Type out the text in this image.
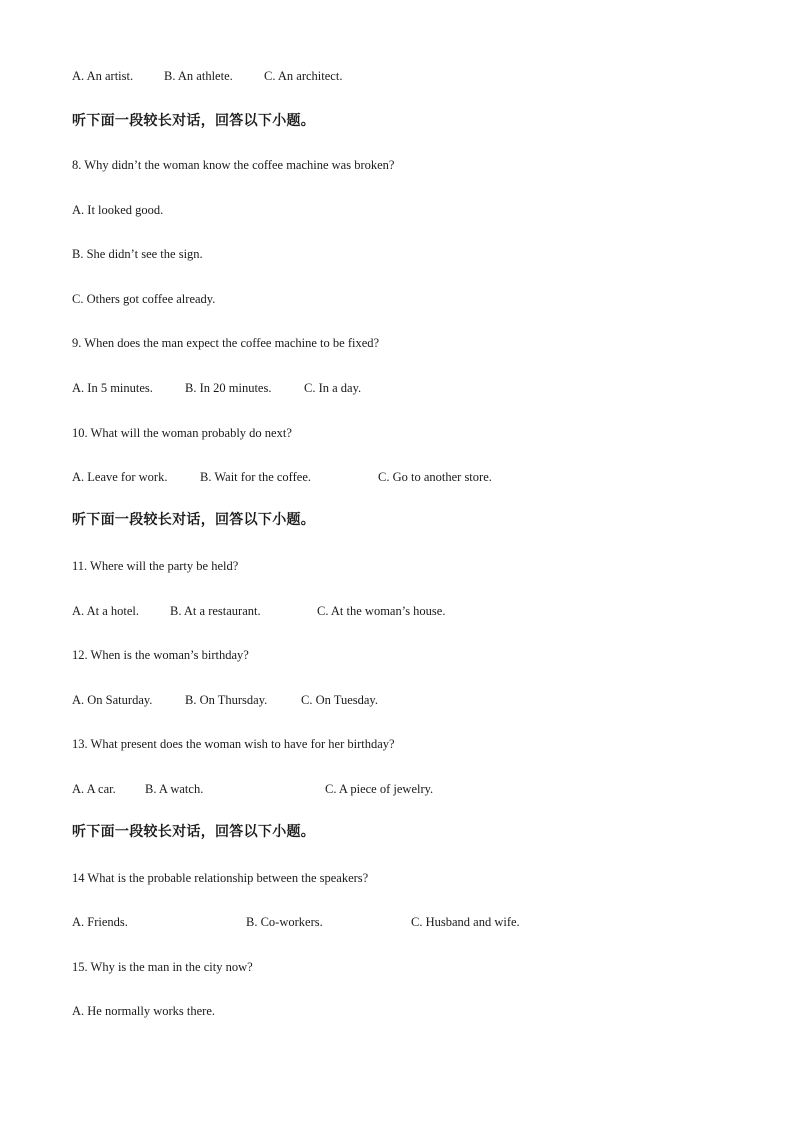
A. An artist. B. An athlete.	C. An architect.
听下面一段较长对话，回答以下小题。
8. Why didn’t the woman know the coffee machine was broken?
A. It looked good.
B. She didn’t see the sign.
C. Others got coffee already.
9. When does the man expect the coffee machine to be fixed?
A. In 5 minutes.	B. In 20 minutes.	C. In a day.
10. What will the woman probably do next?
A. Leave for work.	B. Wait for the coffee.	C. Go to another store.
听下面一段较长对话，回答以下小题。
11. Where will the party be held?
A. At a hotel. B. At a restaurant.	C. At the woman’s house.
12. When is the woman’s birthday?
A. On Saturday.	B. On Thursday.	C. On Tuesday.
13. What present does the woman wish to have for her birthday?
A. A car. B. A watch.	C. A piece of jewelry.
听下面一段较长对话，回答以下小题。
14 What is the probable relationship between the speakers?
A. Friends.	B. Co-workers.	C. Husband and wife.
15. Why is the man in the city now?
A. He normally works there.
